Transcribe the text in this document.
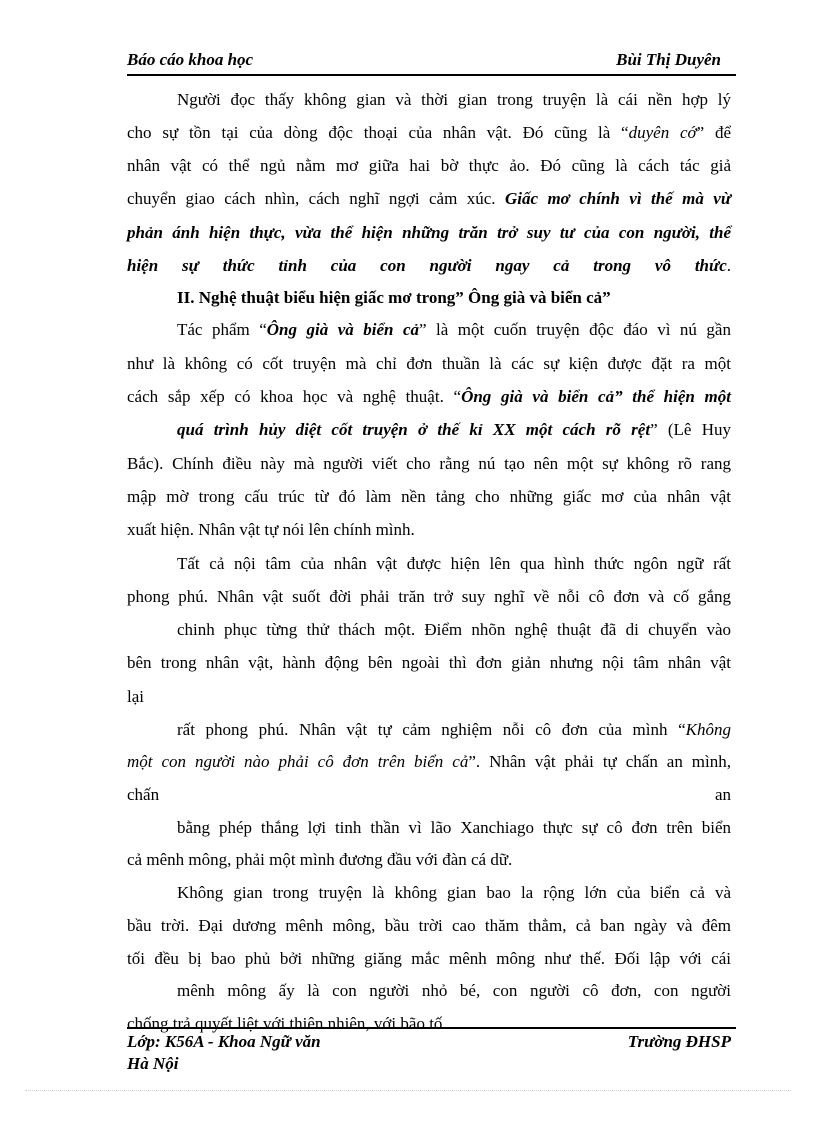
Báo cáo khoa học	Bùi Thị Duyên
Người đọc thấy không gian và thời gian trong truyện là cái nền hợp lý
cho sự tồn tại của dòng độc thoại của nhân vật. Đó cũng là “duyên cớ” để
nhân vật có thể ngủ nằm mơ giữa hai bờ thực ảo. Đó cũng là cách tác giả
chuyển giao cách nhìn, cách nghĩ ngợi cảm xúc. Giấc mơ chính vì thế mà vừ
phản ánh hiện thực, vừa thể hiện những trăn trở suy tư của con người, thể
hiện sự thức tỉnh của con người ngay cả trong vô thức.
II. Nghệ thuật biểu hiện giấc mơ trong” Ông già và biển cả”
Tác phẩm “Ông già và biển cả” là một cuốn truyện độc đáo vì nú gần
như là không có cốt truyện mà chỉ đơn thuần là các sự kiện được đặt ra một
cách sắp xếp có khoa học và nghệ thuật. “Ông già và biển cả” thể hiện một
quá trình hủy diệt cốt truyện ở thế kỉ XX một cách rõ rệt” (Lê Huy
Bắc). Chính điều này mà người viết cho rằng nú tạo nên một sự không rõ rang
mập mờ trong cấu trúc từ đó làm nền tảng cho những giấc mơ của nhân vật
xuất hiện. Nhân vật tự nói lên chính mình.
Tất cả nội tâm của nhân vật được hiện lên qua hình thức ngôn ngữ rất
phong phú. Nhân vật suốt đời phải trăn trở suy nghĩ về nỗi cô đơn và cố gắng
chinh phục từng thử thách một. Điểm nhõn nghệ thuật đã di chuyển vào
bên trong nhân vật, hành động bên ngoài thì đơn giản nhưng nội tâm nhân vật
lại
rất phong phú. Nhân vật tự cảm nghiệm nỗi cô đơn của mình “Không
một con người nào phải cô đơn trên biển cả”. Nhân vật phải tự chấn an mình,
chấn	an
bằng phép thắng lợi tinh thần vì lão Xanchiago thực sự cô đơn trên biển
cả mênh mông, phải một mình đương đầu với đàn cá dữ.
Không gian trong truyện là không gian bao la rộng lớn của biển cả và
bầu trời. Đại dương mênh mông, bầu trời cao thăm thẳm, cả ban ngày và đêm
tối đều bị bao phủ bởi những giăng mắc mênh mông như thế. Đối lập với cái
mênh mông ấy là con người nhỏ bé, con người cô đơn, con người
chống trả quyết liệt với thiên nhiên, với bão tố.
Lớp: K56A - Khoa Ngữ văn	Trường ĐHSP
Hà Nội
